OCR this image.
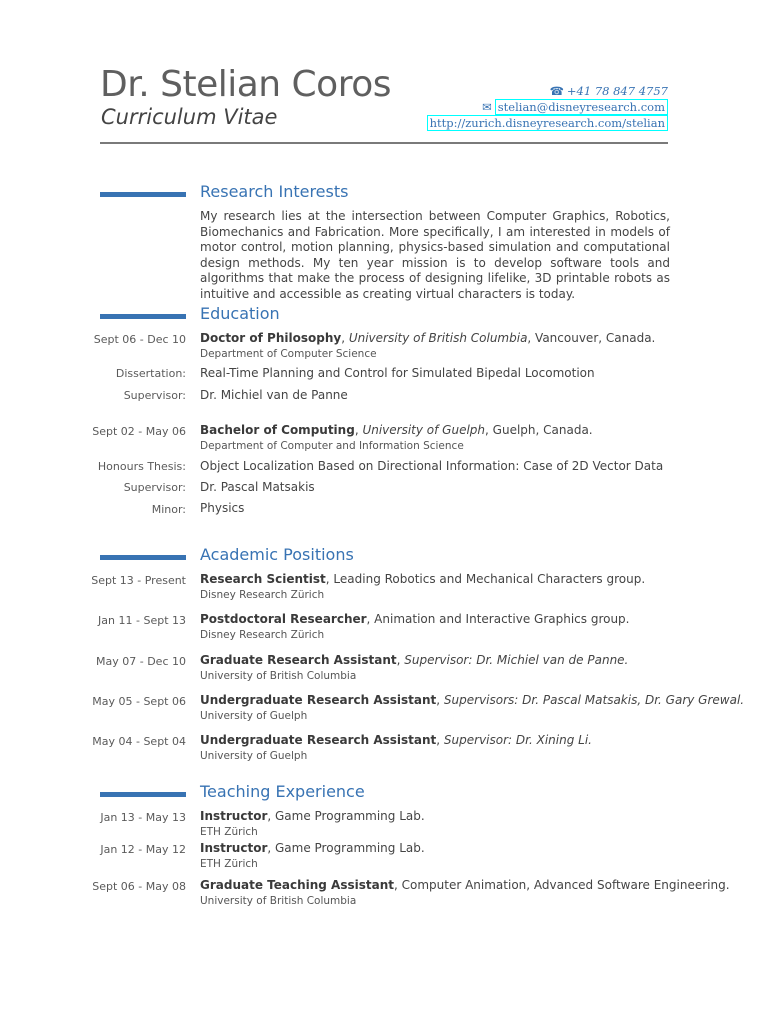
Dr. Stelian Coros
Curriculum Vitae
☎ +41 78 847 4757
✉ stelian@disneyresearch.com
http://zurich.disneyresearch.com/stelian
Research Interests
My research lies at the intersection between Computer Graphics, Robotics, Biomechanics and Fabrication. More specifically, I am interested in models of motor control, motion planning, physics-based simulation and computational design methods. My ten year mission is to develop software tools and algorithms that make the process of designing lifelike, 3D printable robots as intuitive and accessible as creating virtual characters is today.
Education
Sept 06 - Dec 10 Doctor of Philosophy, University of British Columbia, Vancouver, Canada.
Department of Computer Science
Dissertation: Real-Time Planning and Control for Simulated Bipedal Locomotion
Supervisor: Dr. Michiel van de Panne
Sept 02 - May 06 Bachelor of Computing, University of Guelph, Guelph, Canada.
Department of Computer and Information Science
Honours Thesis: Object Localization Based on Directional Information: Case of 2D Vector Data
Supervisor: Dr. Pascal Matsakis
Minor: Physics
Academic Positions
Sept 13 - Present Research Scientist, Leading Robotics and Mechanical Characters group.
Disney Research Zürich
Jan 11 - Sept 13 Postdoctoral Researcher, Animation and Interactive Graphics group.
Disney Research Zürich
May 07 - Dec 10 Graduate Research Assistant, Supervisor: Dr. Michiel van de Panne.
University of British Columbia
May 05 - Sept 06 Undergraduate Research Assistant, Supervisors: Dr. Pascal Matsakis, Dr. Gary Grewal.
University of Guelph
May 04 - Sept 04 Undergraduate Research Assistant, Supervisor: Dr. Xining Li.
University of Guelph
Teaching Experience
Jan 13 - May 13 Instructor, Game Programming Lab.
ETH Zürich
Jan 12 - May 12 Instructor, Game Programming Lab.
ETH Zürich
Sept 06 - May 08 Graduate Teaching Assistant, Computer Animation, Advanced Software Engineering.
University of British Columbia
